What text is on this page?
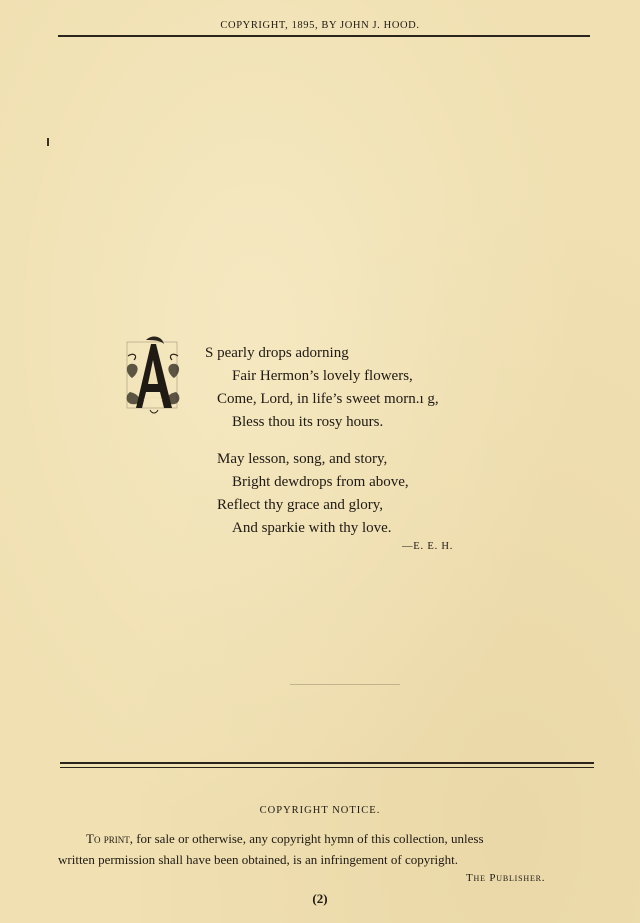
COPYRIGHT, 1895, BY JOHN J. HOOD.
S pearly drops adorning
Fair Hermon’s lovely flowers,
Come, Lord, in life’s sweet morn.ı g,
Bless thou its rosy hours.
May lesson, song, and story,
Bright dewdrops from above,
Reflect thy grace and glory,
And sparkie with thy love.
—E. E. H.
COPYRIGHT NOTICE.
To print, for sale or otherwise, any copyright hymn of this collection, unless
written permission shall have been obtained, is an infringement of copyright.
The Publisher.
(2)
